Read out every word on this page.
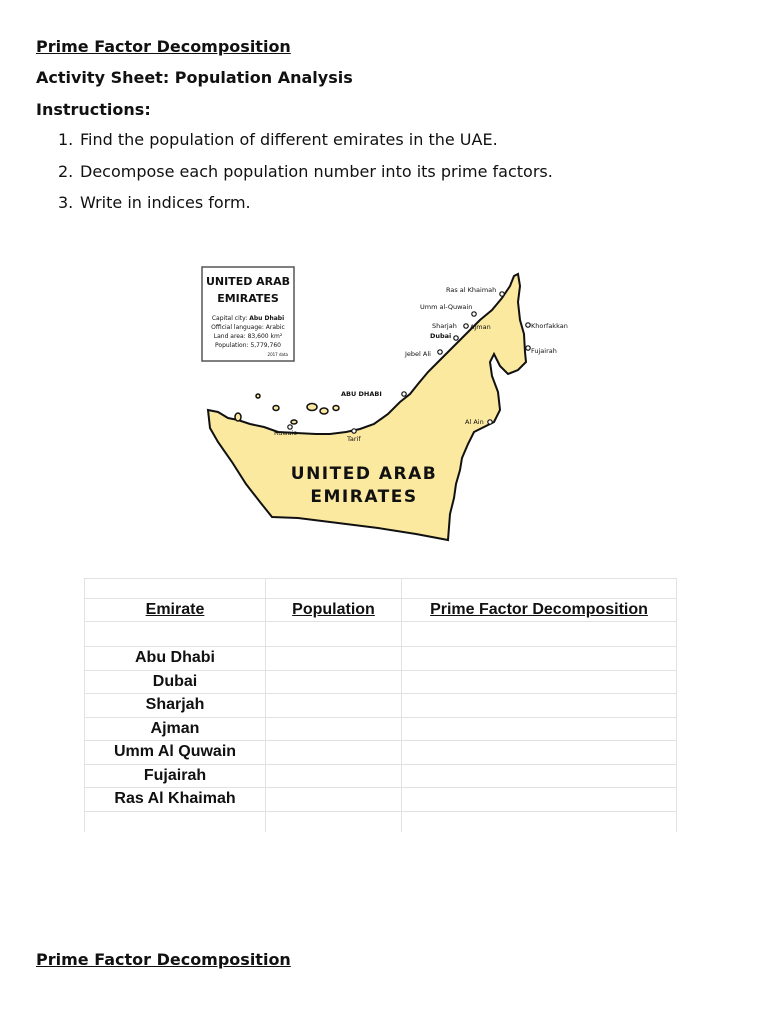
Prime Factor Decomposition
Activity Sheet: Population Analysis
Instructions:
1. Find the population of different emirates in the UAE.
2. Decompose each population number into its prime factors.
3. Write in indices form.
UNITED ARAB
EMIRATES
Capital city: Abu Dhabi
Official language: Arabic
Land area: 83,600 km²
Population: 5,779,760
2017 data
UNITED ARAB
EMIRATES
Ras al Khaimah
Umm al-Quwain
Sharjah Ajman
Dubai
Jebel Ali
Khorfakkan
Fujairah
ABU DHABI
Al Ain
Ruwais
Tarif

Emirate	Population	Prime Factor Decomposition

Abu Dhabi		
Dubai		
Sharjah		
Ajman		
Umm Al Quwain		
Fujairah		
Ras Al Khaimah		

Prime Factor Decomposition
